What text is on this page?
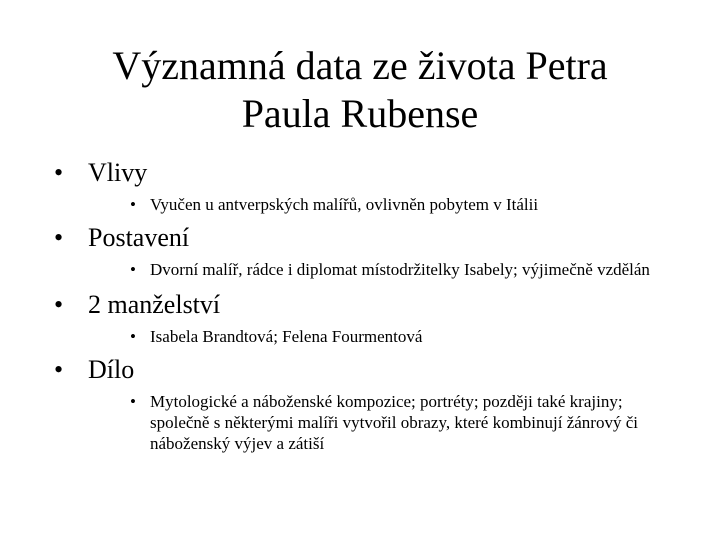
Významná data ze života Petra
Paula Rubense

• Vlivy

• Vyučen u antverpských malířů, ovlivněn pobytem v Itálii

• Postavení

• Dvorní malíř, rádce i diplomat místodržitelky Isabely; výjimečně vzdělán

• 2 manželství

• Isabela Brandtová; Felena Fourmentová

• Dílo

• Mytologické a náboženské kompozice; portréty; později také krajiny; společně s některými malíři vytvořil obrazy, které kombinují žánrový či náboženský výjev a zátiší
